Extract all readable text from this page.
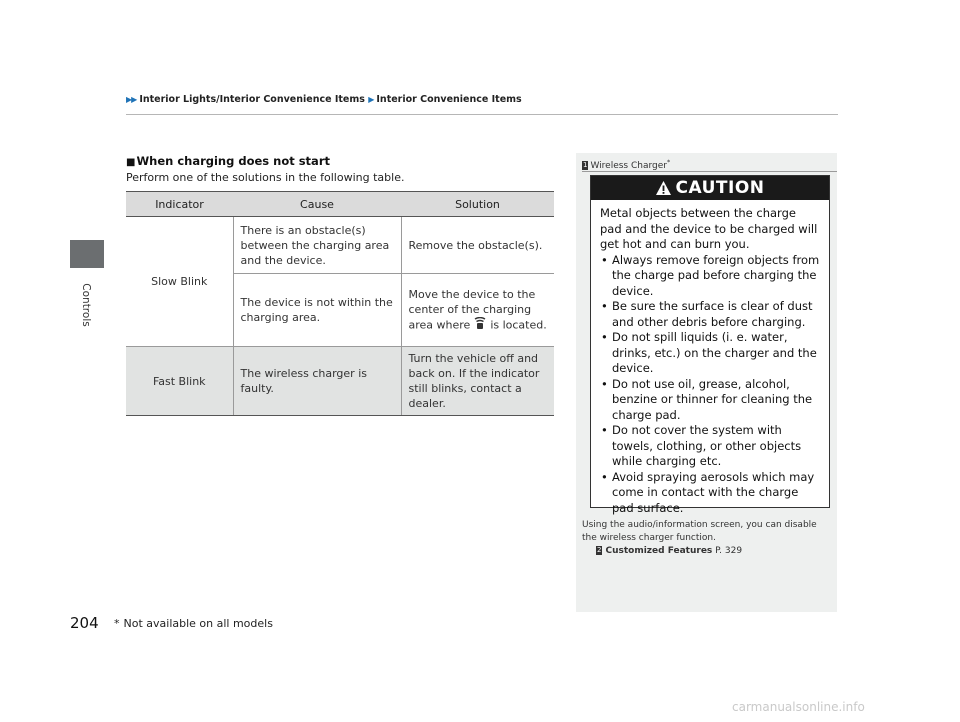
Controls
▶▶ Interior Lights/Interior Convenience Items ▶ Interior Convenience Items
■When charging does not start
Perform one of the solutions in the following table.
Indicator	Cause	Solution
Slow Blink	There is an obstacle(s) between the charging area and the device.	Remove the obstacle(s).
	The device is not within the charging area.	Move the device to the center of the charging area where is located.
Fast Blink	The wireless charger is faulty.	Turn the vehicle off and back on. If the indicator still blinks, contact a dealer.
1 Wireless Charger*
CAUTION
Metal objects between the charge pad and the device to be charged will get hot and can burn you.
• Always remove foreign objects from the charge pad before charging the device.
• Be sure the surface is clear of dust and other debris before charging.
• Do not spill liquids (i. e. water, drinks, etc.) on the charger and the device.
• Do not use oil, grease, alcohol, benzine or thinner for cleaning the charge pad.
• Do not cover the system with towels, clothing, or other objects while charging etc.
• Avoid spraying aerosols which may come in contact with the charge pad surface.
Using the audio/information screen, you can disable the wireless charger function.
2 Customized Features P. 329
204 * Not available on all models
carmanualsonline.info
